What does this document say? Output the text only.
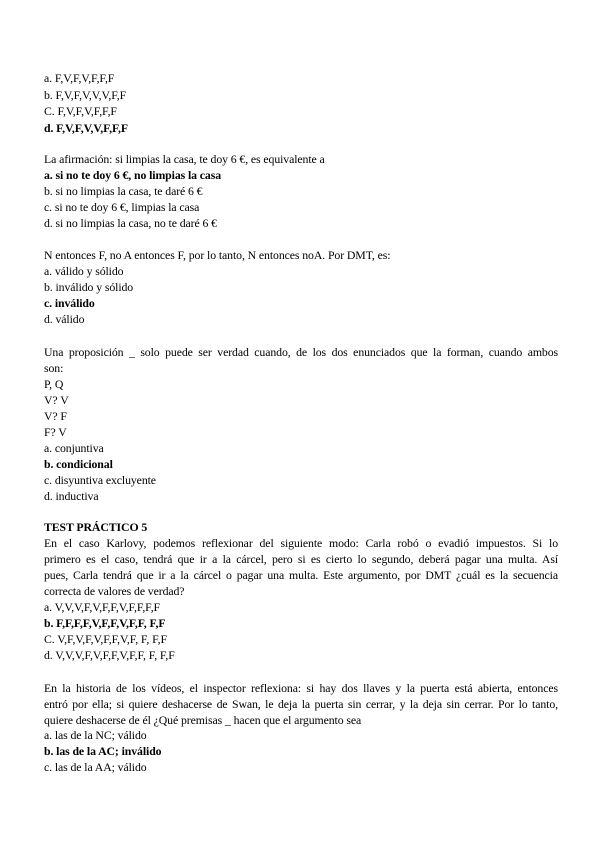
a. F,V,F,V,F,F,F
b. F,V,F,V,V,V,F,F
C. F,V,F,V,F,F,F
d. F,V,F,V,V,F,F,F
La afirmación: si limpias la casa, te doy 6 €, es equivalente a
a. si no te doy 6 €, no limpias la casa
b. si no limpias la casa, te daré 6 €
c. si no te doy 6 €, limpias la casa
d. si no limpias la casa, no te daré 6 €
N entonces F, no A entonces F, por lo tanto, N entonces noA. Por DMT, es:
a. válido y sólido
b. inválido y sólido
c. inválido
d. válido
Una proposición _ solo puede ser verdad cuando, de los dos enunciados que la forman, cuando ambos
son:
P, Q
V? V
V? F
F? V
a. conjuntiva
b. condicional
c. disyuntiva excluyente
d. inductiva
TEST PRÁCTICO 5
En el caso Karlovy, podemos reflexionar del siguiente modo: Carla robó o evadió impuestos. Si lo
primero es el caso, tendrá que ir a la cárcel, pero si es cierto lo segundo, deberá pagar una multa. Así
pues, Carla tendrá que ir a la cárcel o pagar una multa. Este argumento, por DMT ¿cuál es la secuencia
correcta de valores de verdad?
a. V,V,V,F,V,F,F,V,F,F,F,F
b. F,F,F,F,V,F,F,V,F,F, F,F
C. V,F,V,F,V,F,F,V,F, F, F,F
d. V,V,V,F,V,F,F,V,F,F, F, F,F
En la historia de los vídeos, el inspector reflexiona: si hay dos llaves y la puerta está abierta, entonces
entró por ella; si quiere deshacerse de Swan, le deja la puerta sin cerrar, y la deja sin cerrar. Por lo tanto,
quiere deshacerse de él ¿Qué premisas _ hacen que el argumento sea
a. las de la NC; válido
b. las de la AC; inválido
c. las de la AA; válido
